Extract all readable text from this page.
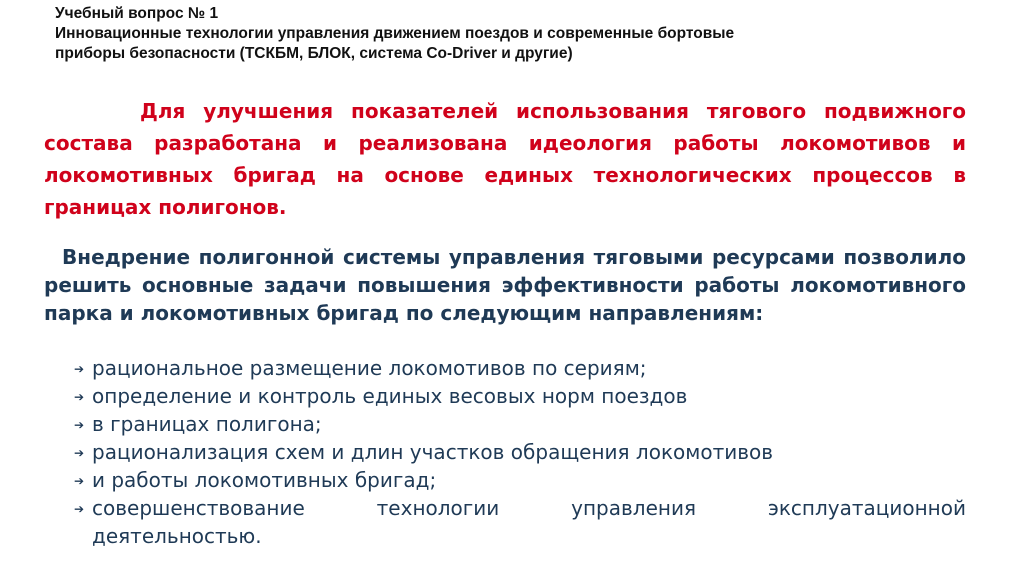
Учебный вопрос № 1
Инновационные технологии управления движением поездов и современные бортовые
приборы безопасности (ТСКБМ, БЛОК, система Co-Driver и другие)
Для улучшения показателей использования тягового подвижного состава разработана и реализована идеология работы локомотивов и локомотивных бригад на основе единых технологических процессов в границах полигонов.
Внедрение полигонной системы управления тяговыми ресурсами позволило решить основные задачи повышения эффективности работы локомотивного парка и локомотивных бригад по следующим направлениям:
➔ рациональное размещение локомотивов по сериям;
➔ определение и контроль единых весовых норм поездов
➔ в границах полигона;
➔ рационализация схем и длин участков обращения локомотивов
➔ и работы локомотивных бригад;
➔ совершенствование технологии управления эксплуатационной
деятельностью.
